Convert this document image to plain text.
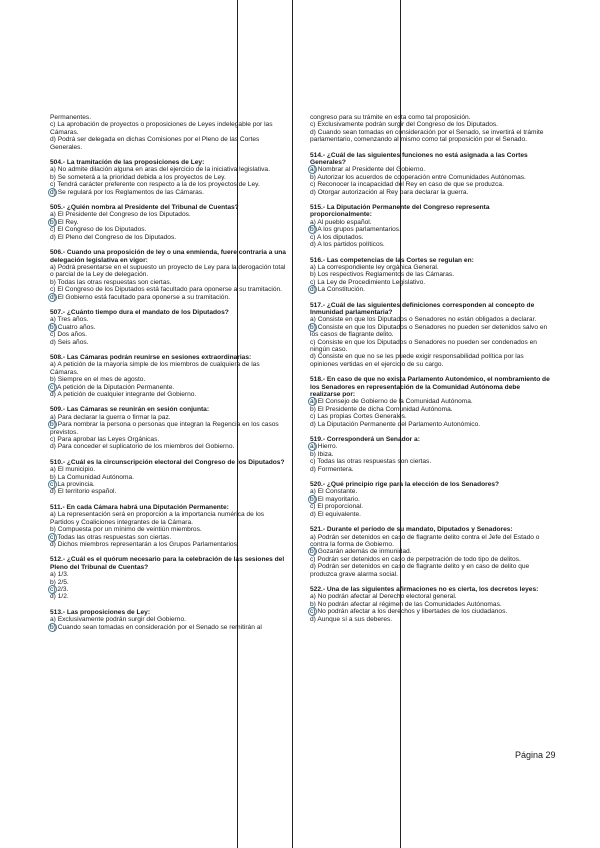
Permanentes.
c) La aprobación de proyectos o proposiciones de Leyes indelegable por las Cámaras.
d) Podrá ser delegada en dichas Comisiones por el Pleno de las Cortes Generales.
504.- La tramitación de las proposiciones de Ley:
a) No admite dilación alguna en aras del ejercicio de la iniciativa legislativa.
b) Se someterá a la prioridad debida a los proyectos de Ley.
c) Tendrá carácter preferente con respecto a la de los proyectos de Ley.
d) Se regulará por los Reglamentos de las Cámaras.
505.- ¿Quién nombra al Presidente del Tribunal de Cuentas?
a) El Presidente del Congreso de los Diputados.
b) El Rey.
c) El Congreso de los Diputados.
d) El Pleno del Congreso de los Diputados.
506.- Cuando una proposición de ley o una enmienda, fuere contraria a una delegación legislativa en vigor:
a) Podrá presentarse en el supuesto un proyecto de Ley para la derogación total o parcial de la Ley de delegación.
b) Todas las otras respuestas son ciertas.
c) El Congreso de los Diputados está facultado para oponerse a su tramitación.
d) El Gobierno está facultado para oponerse a su tramitación.
507.- ¿Cuánto tiempo dura el mandato de los Diputados?
a) Tres años.
b) Cuatro años.
c) Dos años.
d) Seis años.
508.- Las Cámaras podrán reunirse en sesiones extraordinarias:
a) A petición de la mayoría simple de los miembros de cualquiera de las Cámaras.
b) Siempre en el mes de agosto.
c) A petición de la Diputación Permanente.
d) A petición de cualquier integrante del Gobierno.
509.- Las Cámaras se reunirán en sesión conjunta:
a) Para declarar la guerra o firmar la paz.
b) Para nombrar la persona o personas que integran la Regencia en los casos previstos.
c) Para aprobar las Leyes Orgánicas.
d) Para conceder el suplicatorio de los miembros del Gobierno.
510.- ¿Cuál es la circunscripción electoral del Congreso de los Diputados?
a) El municipio.
b) La Comunidad Autónoma.
c) La provincia.
d) El territorio español.
511.- En cada Cámara habrá una Diputación Permanente:
a) La representación será en proporción a la importancia numérica de los Partidos y Coaliciones integrantes de la Cámara.
b) Compuesta por un mínimo de veintiún miembros.
c) Todas las otras respuestas son ciertas.
d) Dichos miembros representarán a los Grupos Parlamentarios.
512.- ¿Cuál es el quórum necesario para la celebración de las sesiones del Pleno del Tribunal de Cuentas?
a) 1/3.
b) 2/5.
c) 2/3.
d) 1/2.
513.- Las proposiciones de Ley:
a) Exclusivamente podrán surgir del Gobierno.
b) Cuando sean tomadas en consideración por el Senado se remitirán al
congreso para su trámite en esta como tal proposición.
c) Exclusivamente podrán surgir del Congreso de los Diputados.
d) Cuando sean tomadas en consideración por el Senado, se invertirá el trámite parlamentario, comenzando al mismo como tal proposición por el Senado.
514.- ¿Cuál de las siguientes funciones no está asignada a las Cortes Generales?
a) Nombrar al Presidente del Gobierno.
b) Autorizar los acuerdos de cooperación entre Comunidades Autónomas.
c) Reconocer la incapacidad del Rey en caso de que se produzca.
d) Otorgar autorización al Rey para declarar la guerra.
515.- La Diputación Permanente del Congreso representa proporcionalmente:
a) Al pueblo español.
b) A los grupos parlamentarios.
c) A los diputados.
d) A los partidos políticos.
516.- Las competencias de las Cortes se regulan en:
a) La correspondiente ley orgánica General.
b) Los respectivos Reglamentos de las Cámaras.
c) La Ley de Procedimiento Legislativo.
d) La Constitución.
517.- ¿Cuál de las siguientes definiciones corresponden al concepto de Inmunidad parlamentaria?
a) Consiste en que los Diputados o Senadores no están obligados a declarar.
b) Consiste en que los Diputados o Senadores no pueden ser detenidos salvo en los casos de flagrante delito.
c) Consiste en que los Diputados o Senadores no pueden ser condenados en ningún caso.
d) Consiste en que no se les puede exigir responsabilidad política por las opiniones vertidas en el ejercicio de su cargo.
518.- En caso de que no exista Parlamento Autonómico, el nombramiento de los Senadores en representación de la Comunidad Autónoma debe realizarse por:
a) El Consejo de Gobierno de la Comunidad Autónoma.
b) El Presidente de dicha Comunidad Autónoma.
c) Las propias Cortes Generales.
d) La Diputación Permanente del Parlamento Autonómico.
519.- Corresponderá un Senador a:
a) Hierro.
b) Ibiza.
c) Todas las otras respuestas son ciertas.
d) Formentera.
520.- ¿Qué principio rige para la elección de los Senadores?
a) El Constante.
b) El mayoritario.
c) El proporcional.
d) El equivalente.
521.- Durante el período de su mandato, Diputados y Senadores:
a) Podrán ser detenidos en caso de flagrante delito contra el Jefe del Estado o contra la forma de Gobierno.
b) Gozarán además de inmunidad.
c) Podrán ser detenidos en caso de perpetración de todo tipo de delitos.
d) Podrán ser detenidos en caso de flagrante delito y en caso de delito que produzca grave alarma social.
522.- Una de las siguientes afirmaciones no es cierta, los decretos leyes:
a) No podrán afectar al Derecho electoral general.
b) No podrán afectar al régimen de las Comunidades Autónomas.
c) No podrán afectar a los derechos y libertades de los ciudadanos.
d) Aunque sí a sus deberes.
Página 29
